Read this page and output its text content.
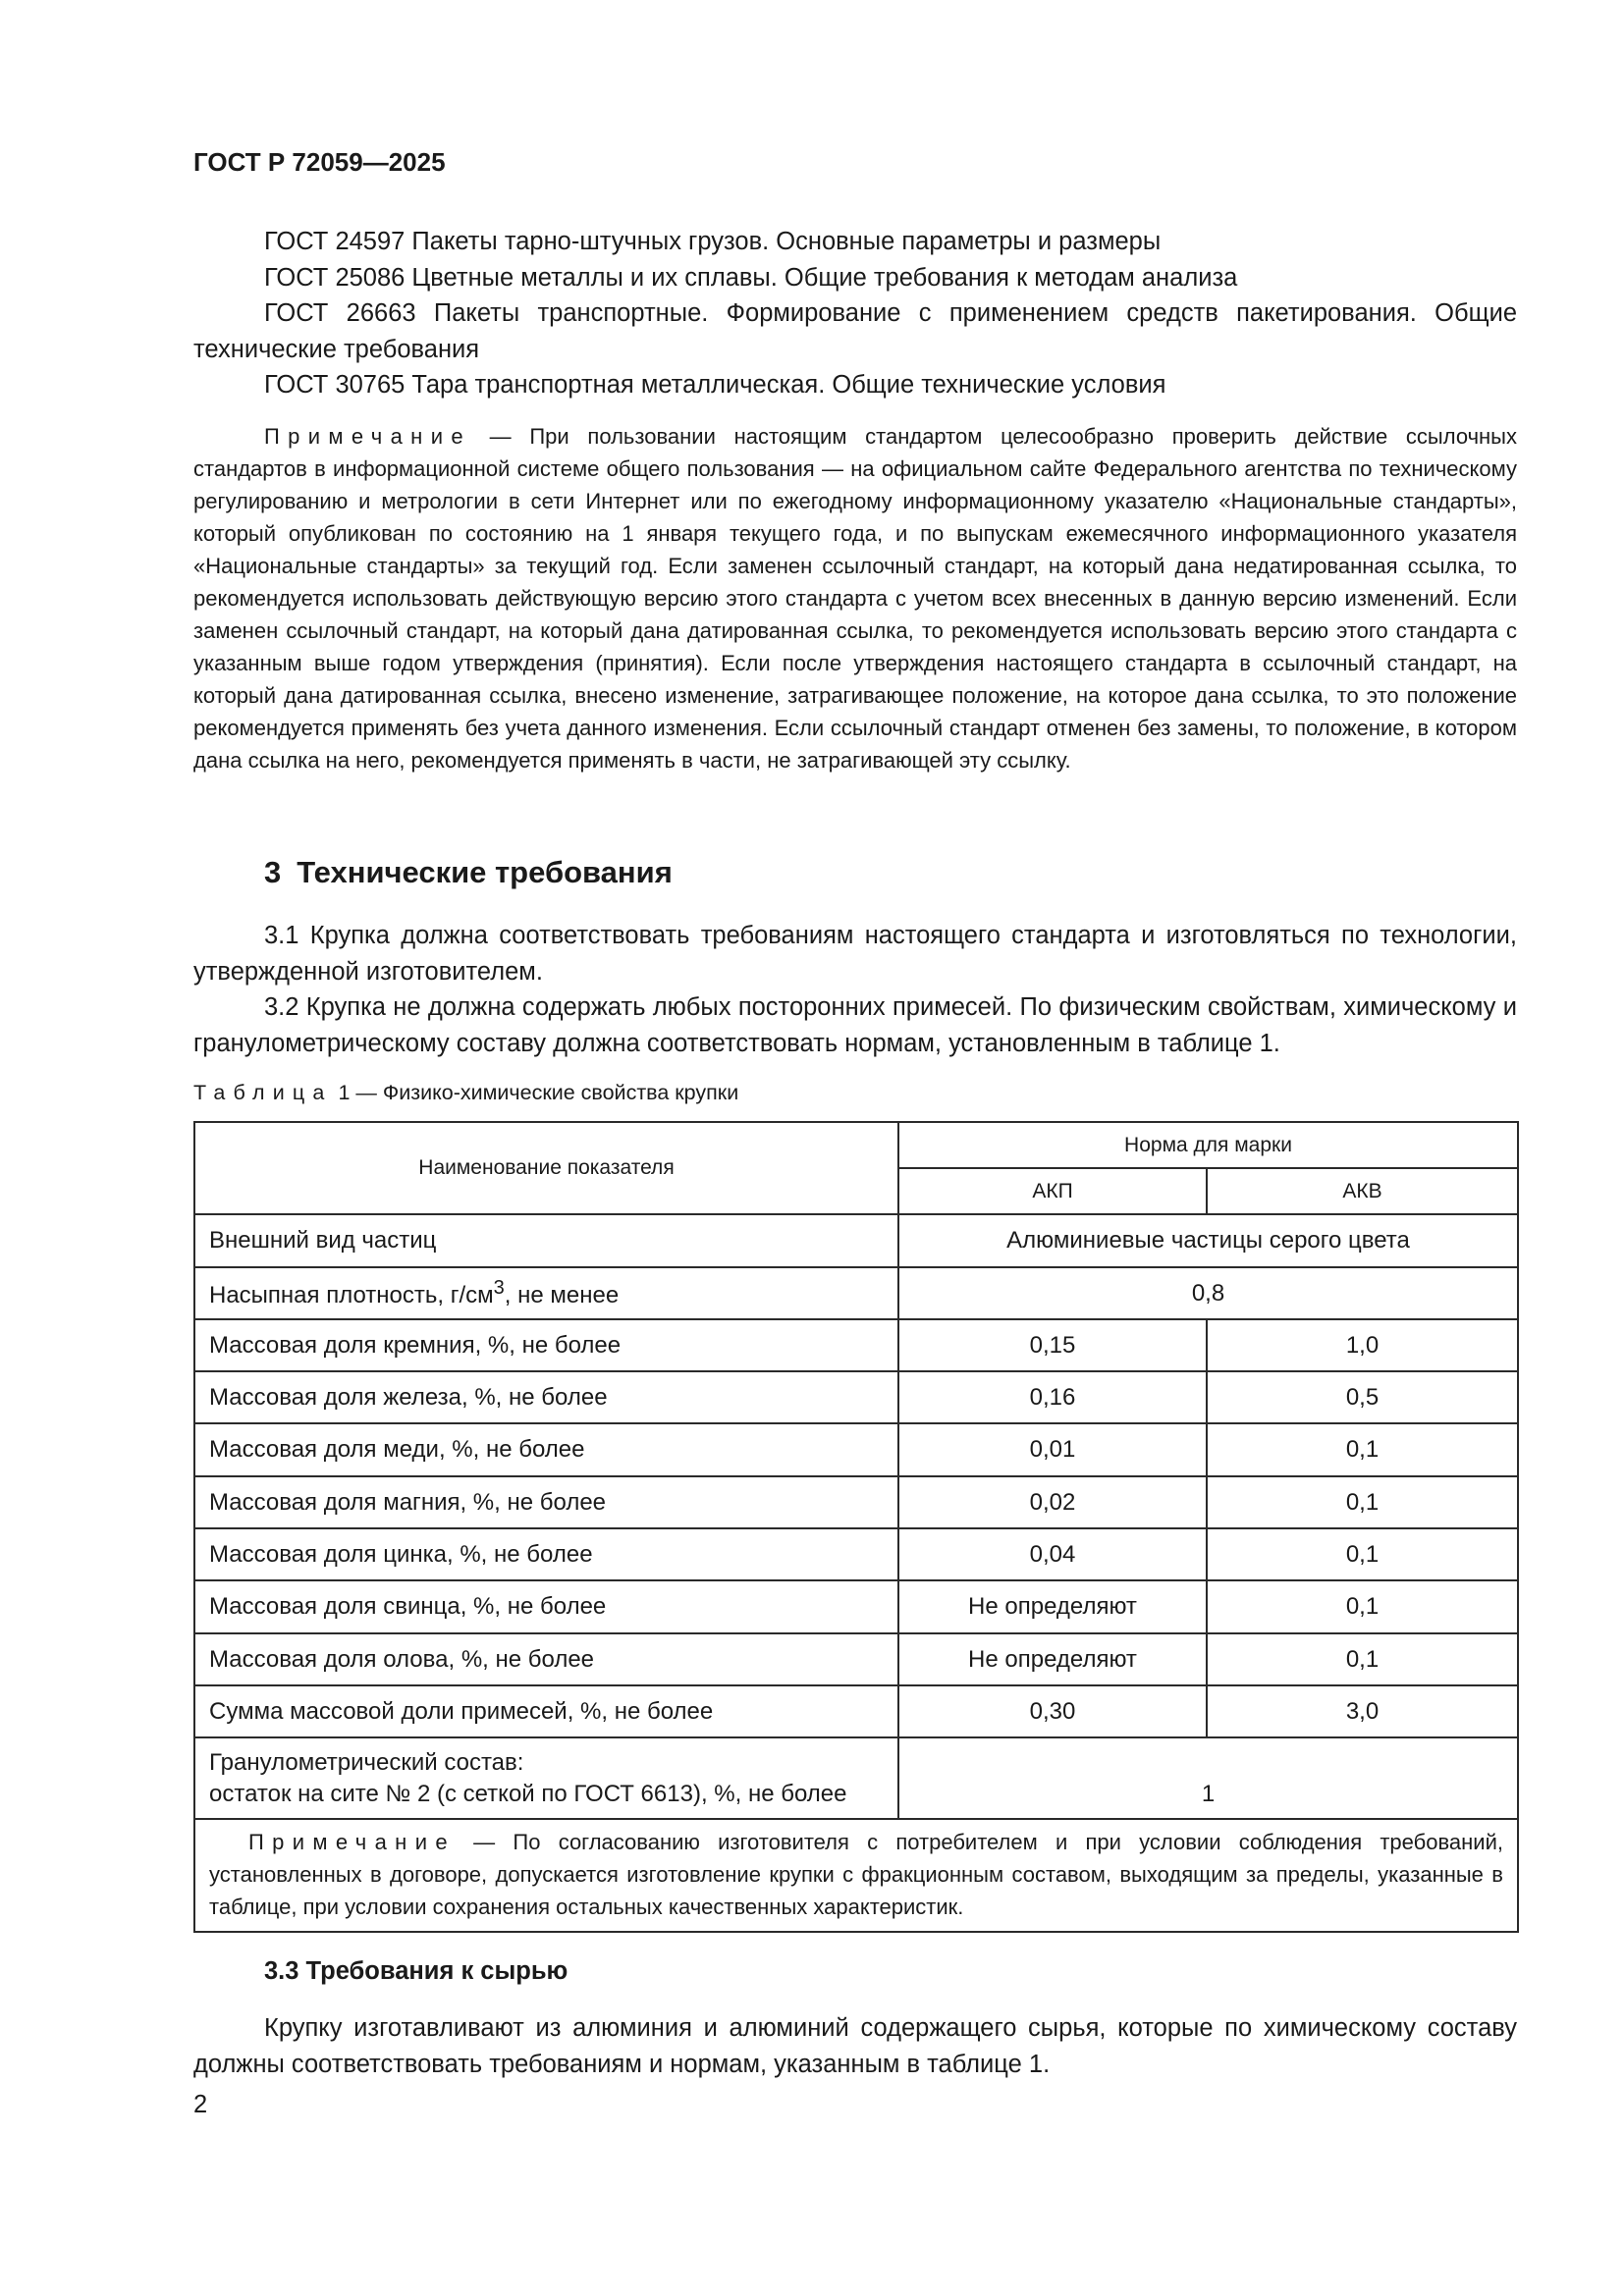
ГОСТ Р 72059—2025

ГОСТ 24597 Пакеты тарно-штучных грузов. Основные параметры и размеры

ГОСТ 25086 Цветные металлы и их сплавы. Общие требования к методам анализа

ГОСТ 26663 Пакеты транспортные. Формирование с применением средств пакетирования. Общие технические требования

ГОСТ 30765 Тара транспортная металлическая. Общие технические условия

Примечание — При пользовании настоящим стандартом целесообразно проверить действие ссылочных стандартов в информационной системе общего пользования — на официальном сайте Федерального агентства по техническому регулированию и метрологии в сети Интернет или по ежегодному информационному указателю «Национальные стандарты», который опубликован по состоянию на 1 января текущего года, и по выпускам ежемесячного информационного указателя «Национальные стандарты» за текущий год. Если заменен ссылочный стандарт, на который дана недатированная ссылка, то рекомендуется использовать действующую версию этого стандарта с учетом всех внесенных в данную версию изменений. Если заменен ссылочный стандарт, на который дана датированная ссылка, то рекомендуется использовать версию этого стандарта с указанным выше годом утверждения (принятия). Если после утверждения настоящего стандарта в ссылочный стандарт, на который дана датированная ссылка, внесено изменение, затрагивающее положение, на которое дана ссылка, то это положение рекомендуется применять без учета данного изменения. Если ссылочный стандарт отменен без замены, то положение, в котором дана ссылка на него, рекомендуется применять в части, не затрагивающей эту ссылку.

3 Технические требования

3.1 Крупка должна соответствовать требованиям настоящего стандарта и изготовляться по технологии, утвержденной изготовителем.

3.2 Крупка не должна содержать любых посторонних примесей. По физическим свойствам, химическому и гранулометрическому составу должна соответствовать нормам, установленным в таблице 1.

Таблица 1 — Физико-химические свойства крупки

Наименование показателя	Норма для марки	
	АКП	АКВ
Внешний вид частиц	Алюминиевые частицы серого цвета	
Насыпная плотность, $г/см^3$, не менее	0,8	
Массовая доля кремния, %, не более	0,15	1,0
Массовая доля железа, %, не более	0,16	0,5
Массовая доля меди, %, не более	0,01	0,1
Массовая доля магния, %, не более	0,02	0,1
Массовая доля цинка, %, не более	0,04	0,1
Массовая доля свинца, %, не более	Не определяют	0,1
Массовая доля олова, %, не более	Не определяют	0,1
Сумма массовой доли примесей, %, не более	0,30	3,0

Гранулометрический состав:
остаток на сите № 2 (с сеткой по ГОСТ 6613), %, не более	1	
Примечание — По согласованию изготовителя с потребителем и при условии соблюдения требований, установленных в договоре, допускается изготовление крупки с фракционным составом, выходящим за пределы, указанные в таблице, при условии сохранения остальных качественных характеристик.		
3.3 Требования к сырью

Крупку изготавливают из алюминия и алюминий содержащего сырья, которые по химическому составу должны соответствовать требованиям и нормам, указанным в таблице 1.

2
